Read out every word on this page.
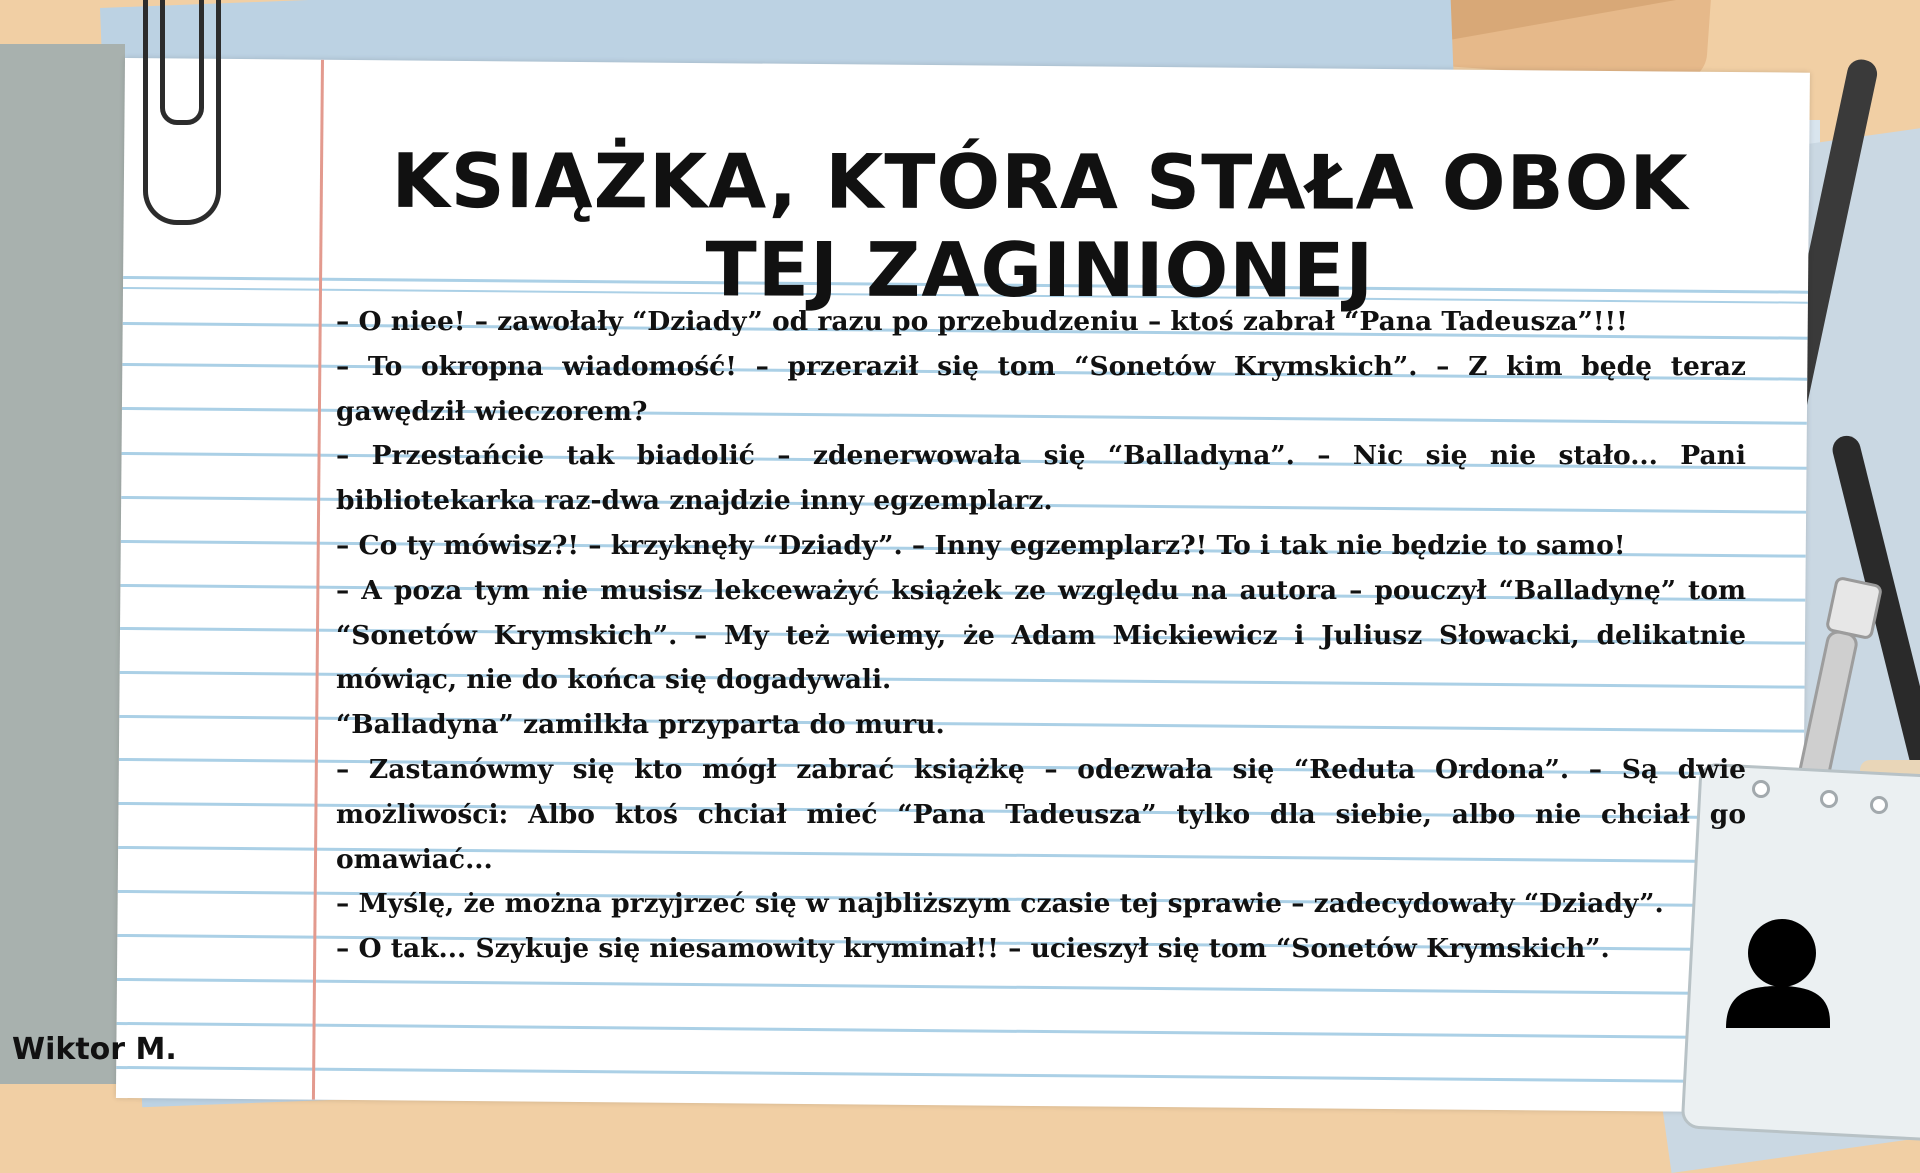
KSIĄŻKA, KTÓRA STAŁA OBOK TEJ ZAGINIONEJ

– O niee! – zawołały “Dziady” od razu po przebudzeniu – ktoś zabrał “Pana Tadeusza”!!!

– To okropna wiadomość! – przeraził się tom “Sonetów Krymskich”. – Z kim będę teraz gawędził wieczorem?

– Przestańcie tak biadolić – zdenerwowała się “Balladyna”. – Nic się nie stało... Pani bibliotekarka raz-dwa znajdzie inny egzemplarz.

– Co ty mówisz?! – krzyknęły “Dziady”. – Inny egzemplarz?! To i tak nie będzie to samo!

– A poza tym nie musisz lekceważyć książek ze względu na autora – pouczył “Balladynę” tom “Sonetów Krymskich”. – My też wiemy, że Adam Mickiewicz i Juliusz Słowacki, delikatnie mówiąc, nie do końca się dogadywali.

“Balladyna” zamilkła przyparta do muru.

– Zastanówmy się kto mógł zabrać książkę – odezwała się “Reduta Ordona”. – Są dwie możliwości: Albo ktoś chciał mieć “Pana Tadeusza” tylko dla siebie, albo nie chciał go omawiać...

– Myślę, że można przyjrzeć się w najbliższym czasie tej sprawie – zadecydowały “Dziady”.

– O tak... Szykuje się niesamowity kryminał!! – ucieszył się tom “Sonetów Krymskich”.

Wiktor M.
